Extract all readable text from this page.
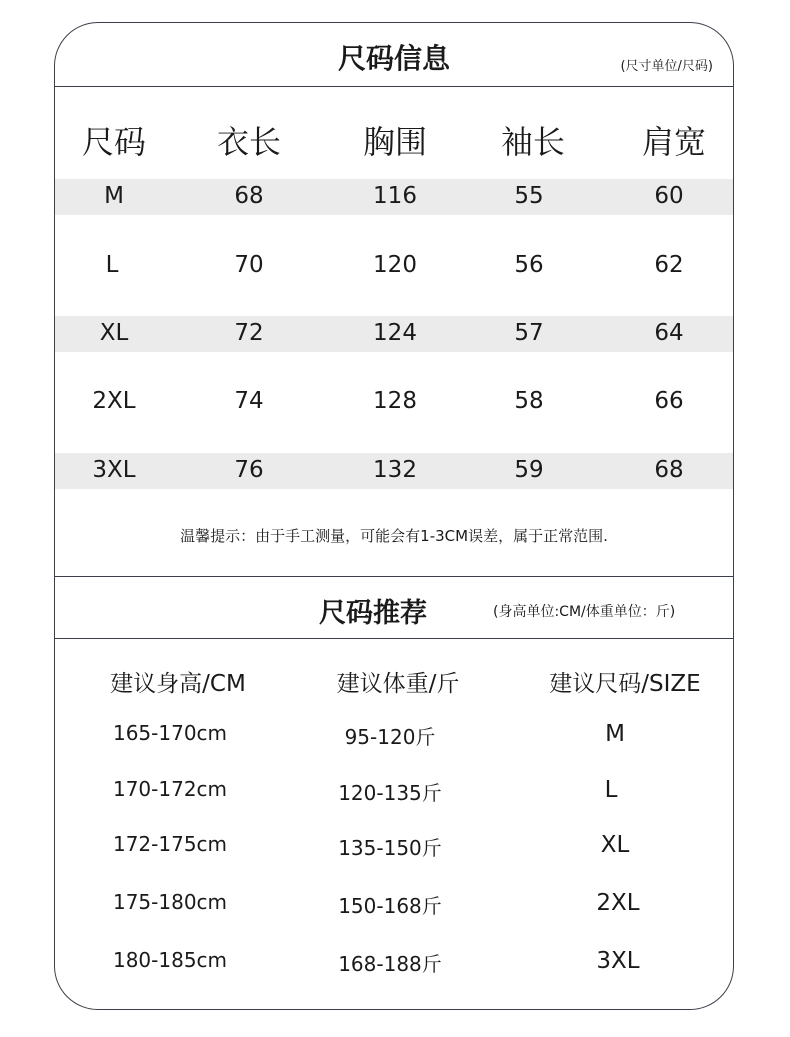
尺码信息	(尺寸单位/尺码)
尺码 衣长	胸围 袖长 肩宽
M	68	116	55	60
L	70	120	56	62
XL	72	124	57	64
2XL	74	128	58	66
3XL	76	132	59	68
温馨提示：由于手工测量，可能会有1-3CM误差，属于正常范围.
尺码推荐	(身高单位:CM/体重单位：斤)
建议身高/CM	建议体重/斤	建议尺码/SIZE
165-170cm	95-120斤	M
170-172cm	120-135斤	L
172-175cm	135-150斤	XL
175-180cm	150-168斤	2XL
180-185cm	168-188斤	3XL
